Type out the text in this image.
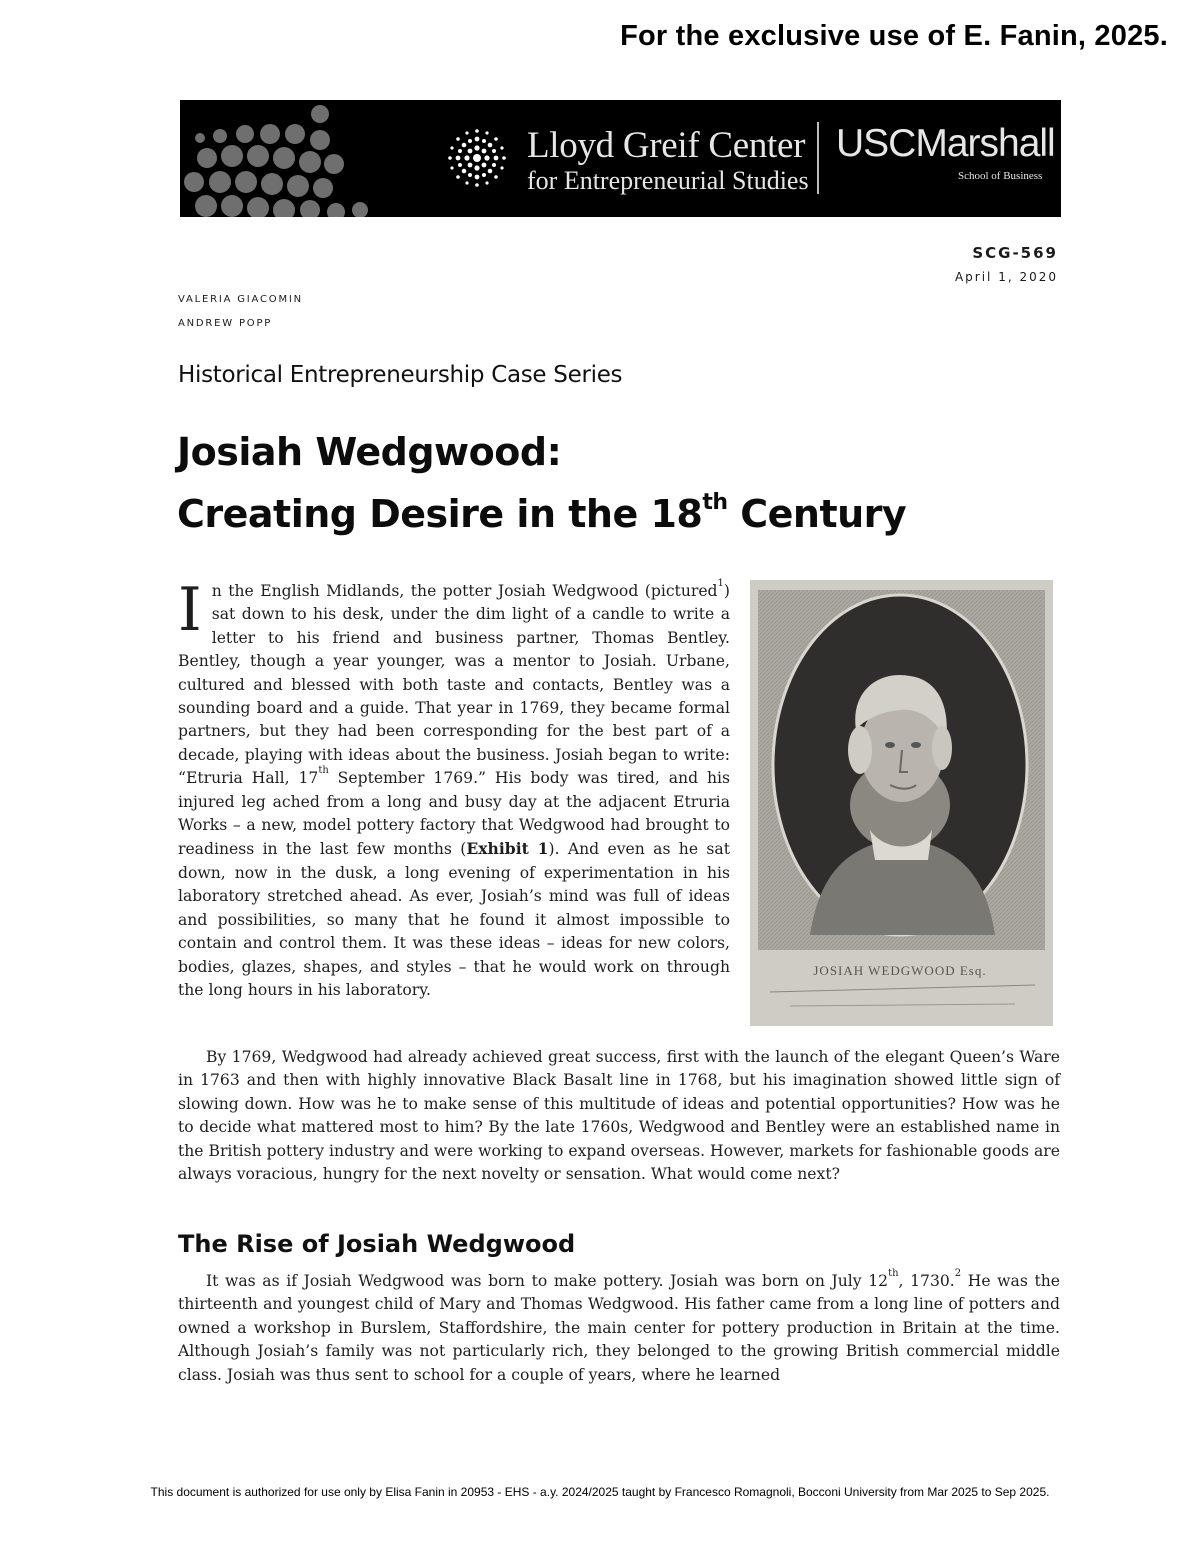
For the exclusive use of E. Fanin, 2025.
Lloyd Greif Center
for Entrepreneurial Studies
USCMarshall
School of Business
SCG-569
April 1, 2020
VALERIA GIACOMIN
ANDREW POPP
Historical Entrepreneurship Case Series
Josiah Wedgwood:
Creating Desire in the 18th Century
In the English Midlands, the potter Josiah Wedgwood (pictured$^1$) sat down to his desk, under the dim light of a candle to write a letter to his friend and business partner, Thomas Bentley. Bentley, though a year younger, was a mentor to Josiah. Urbane, cultured and blessed with both taste and contacts, Bentley was a sounding board and a guide. That year in 1769, they became formal partners, but they had been corresponding for the best part of a decade, playing with ideas about the business. Josiah began to write: “Etruria Hall, 17th September 1769.” His body was tired, and his injured leg ached from a long and busy day at the adjacent Etruria Works – a new, model pottery factory that Wedgwood had brought to readiness in the last few months (Exhibit 1). And even as he sat down, now in the dusk, a long evening of experimentation in his laboratory stretched ahead. As ever, Josiah’s mind was full of ideas and possibilities, so many that he found it almost impossible to contain and control them. It was these ideas – ideas for new colors, bodies, glazes, shapes, and styles – that he would work on through the long hours in his laboratory.
JOSIAH WEDGWOOD Esq.
By 1769, Wedgwood had already achieved great success, first with the launch of the elegant Queen’s Ware in 1763 and then with highly innovative Black Basalt line in 1768, but his imagination showed little sign of slowing down. How was he to make sense of this multitude of ideas and potential opportunities? How was he to decide what mattered most to him? By the late 1760s, Wedgwood and Bentley were an established name in the British pottery industry and were working to expand overseas. However, markets for fashionable goods are always voracious, hungry for the next novelty or sensation. What would come next?
The Rise of Josiah Wedgwood
It was as if Josiah Wedgwood was born to make pottery. Josiah was born on July 12th, 1730.$^2$ He was the thirteenth and youngest child of Mary and Thomas Wedgwood. His father came from a long line of potters and owned a workshop in Burslem, Staffordshire, the main center for pottery production in Britain at the time. Although Josiah’s family was not particularly rich, they belonged to the growing British commercial middle class. Josiah was thus sent to school for a couple of years, where he learned
This document is authorized for use only by Elisa Fanin in 20953 - EHS - a.y. 2024/2025 taught by Francesco Romagnoli, Bocconi University from Mar 2025 to Sep 2025.
